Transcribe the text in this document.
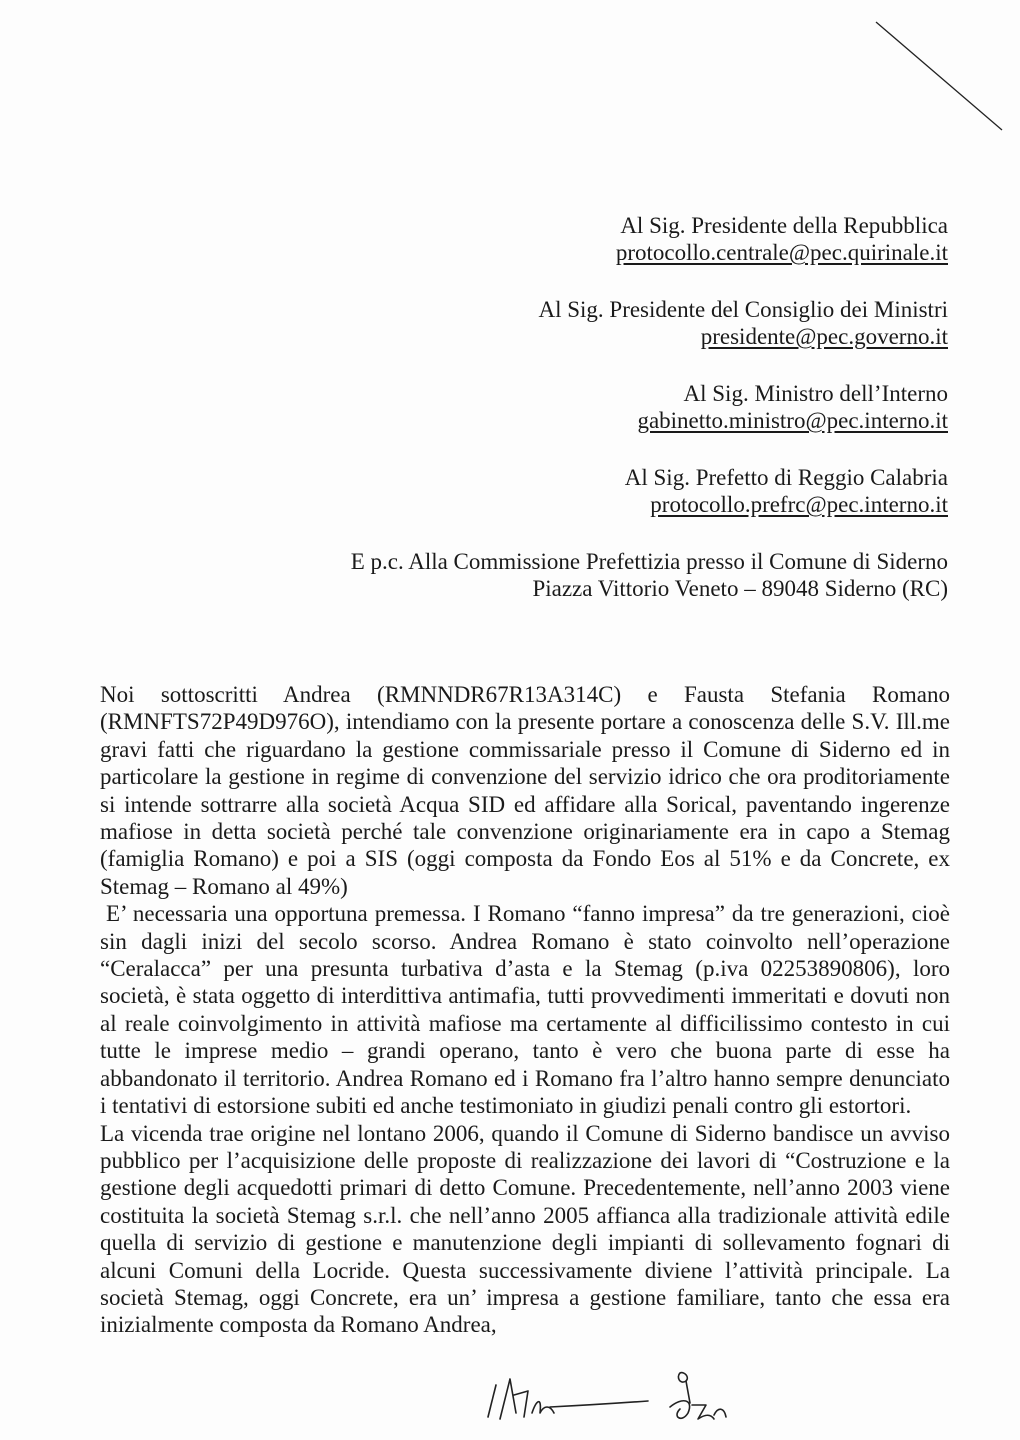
Al Sig. Presidente della Repubblica
protocollo.centrale@pec.quirinale.it
Al Sig. Presidente del Consiglio dei Ministri
presidente@pec.governo.it
Al Sig. Ministro dell’Interno
gabinetto.ministro@pec.interno.it
Al Sig. Prefetto di Reggio Calabria
protocollo.prefrc@pec.interno.it
E p.c. Alla Commissione Prefettizia presso il Comune di Siderno
Piazza Vittorio Veneto – 89048 Siderno (RC)

Noi sottoscritti Andrea (RMNNDR67R13A314C) e Fausta Stefania Romano (RMNFTS72P49D976O), intendiamo con la presente portare a conoscenza delle S.V. Ill.me gravi fatti che riguardano la gestione commissariale presso il Comune di Siderno ed in particolare la gestione in regime di convenzione del servizio idrico che ora proditoriamente si intende sottrarre alla società Acqua SID ed affidare alla Sorical, paventando ingerenze mafiose in detta società perché tale convenzione originariamente era in capo a Stemag (famiglia Romano) e poi a SIS (oggi composta da Fondo Eos al 51% e da Concrete, ex Stemag – Romano al 49%)

E’ necessaria una opportuna premessa. I Romano “fanno impresa” da tre generazioni, cioè sin dagli inizi del secolo scorso. Andrea Romano è stato coinvolto nell’operazione “Ceralacca” per una presunta turbativa d’asta e la Stemag (p.iva 02253890806), loro società, è stata oggetto di interdittiva antimafia, tutti provvedimenti immeritati e dovuti non al reale coinvolgimento in attività mafiose ma certamente al difficilissimo contesto in cui tutte le imprese medio – grandi operano, tanto è vero che buona parte di esse ha abbandonato il territorio. Andrea Romano ed i Romano fra l’altro hanno sempre denunciato i tentativi di estorsione subiti ed anche testimoniato in giudizi penali contro gli estortori.

La vicenda trae origine nel lontano 2006, quando il Comune di Siderno bandisce un avviso pubblico per l’acquisizione delle proposte di realizzazione dei lavori di “Costruzione e la gestione degli acquedotti primari di detto Comune. Precedentemente, nell’anno 2003 viene costituita la società Stemag s.r.l. che nell’anno 2005 affianca alla tradizionale attività edile quella di servizio di gestione e manutenzione degli impianti di sollevamento fognari di alcuni Comuni della Locride. Questa successivamente diviene l’attività principale. La società Stemag, oggi Concrete, era un’ impresa a gestione familiare, tanto che essa era inizialmente composta da Romano Andrea,
